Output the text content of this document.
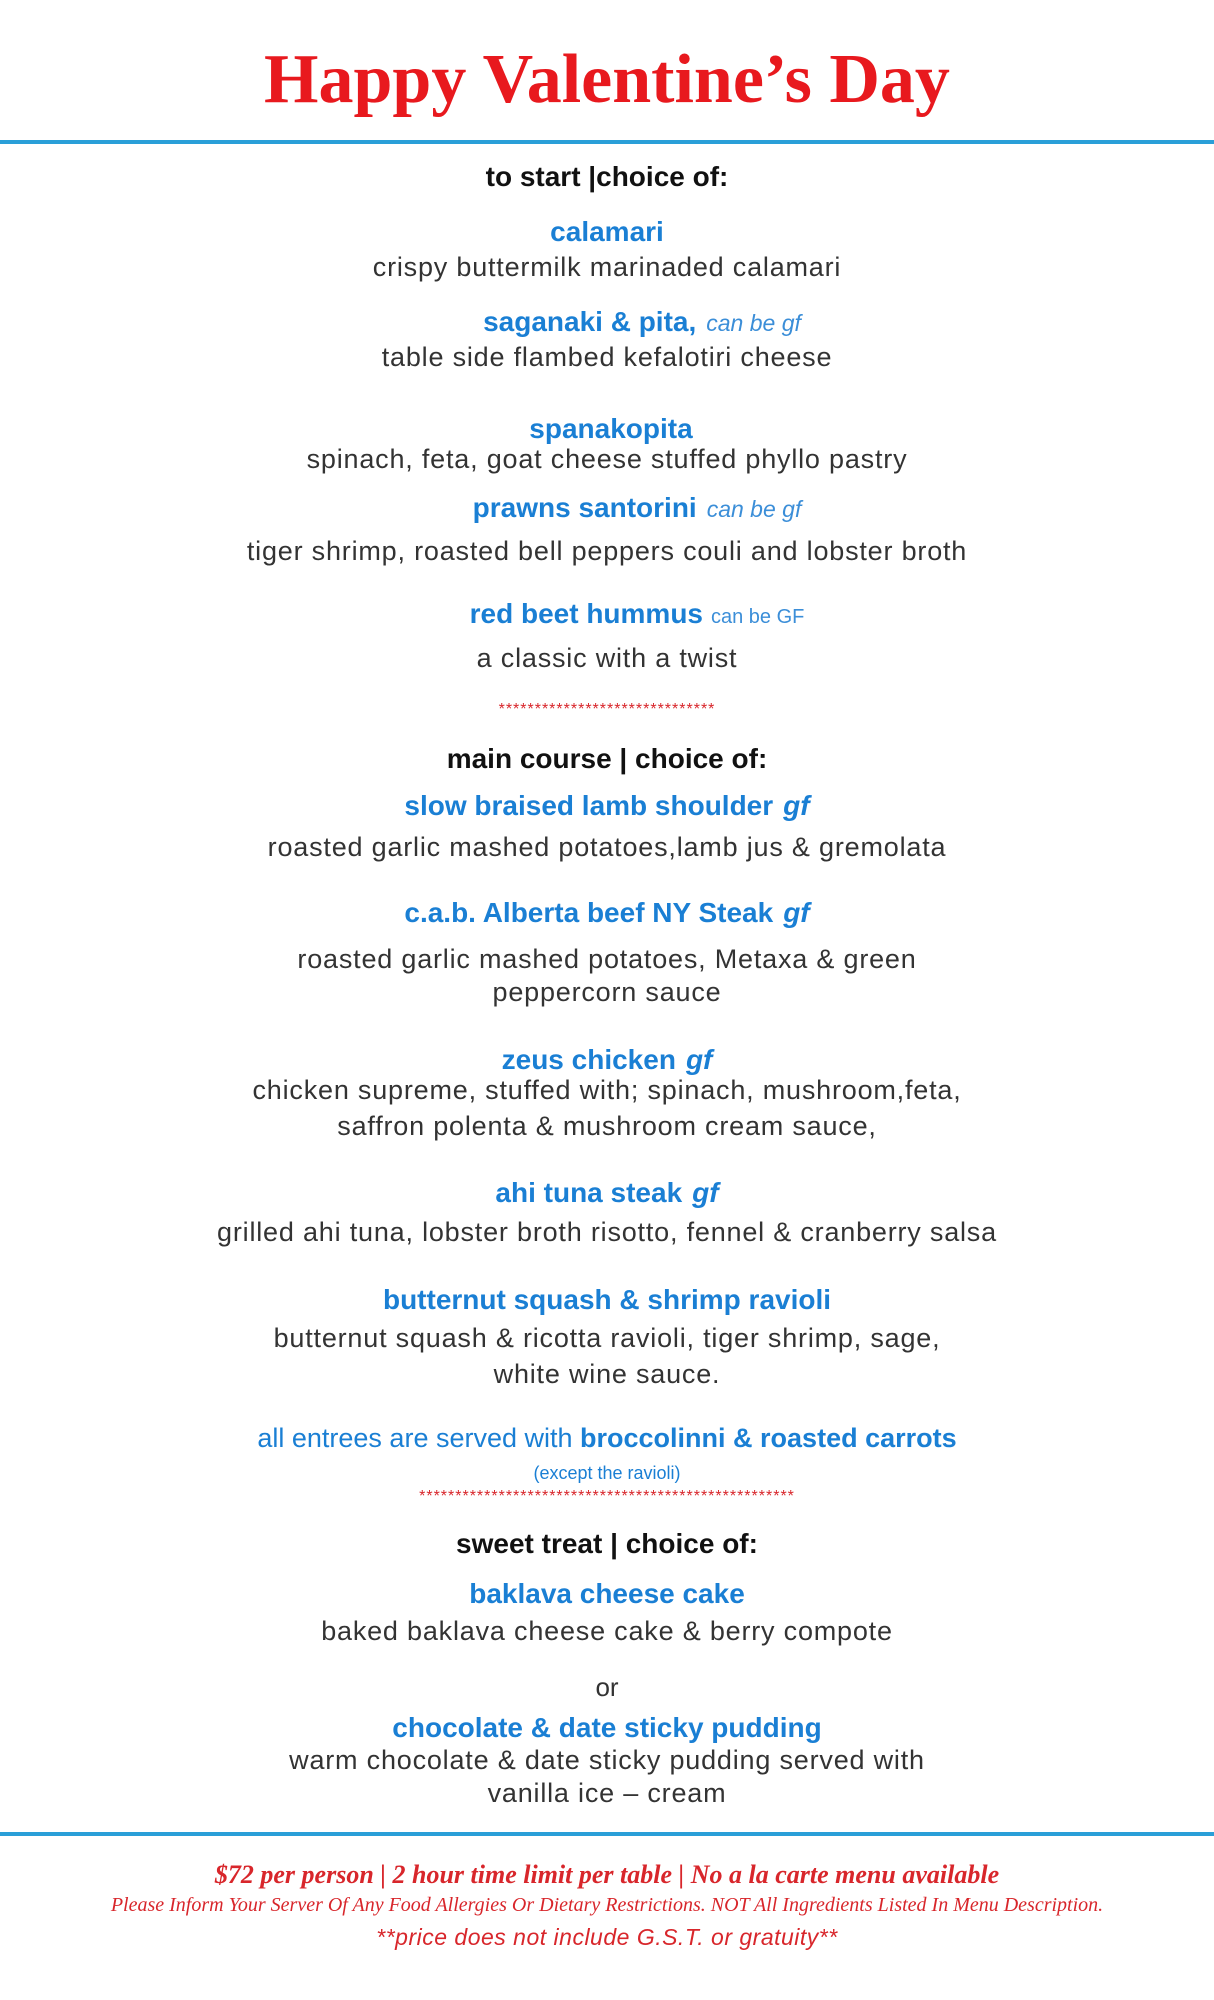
Happy Valentine’s Day
to start |choice of:
calamari
crispy buttermilk marinaded calamari
saganaki & pita, can be gf
table side flambed kefalotiri cheese
spanakopita
spinach, feta, goat cheese stuffed phyllo pastry
prawns santorini can be gf
tiger shrimp, roasted bell peppers couli and lobster broth
red beet hummus can be GF
a classic with a twist
******************************
main course | choice of:
slow braised lamb shoulder gf
roasted garlic mashed potatoes,lamb jus & gremolata
c.a.b. Alberta beef NY Steak gf
roasted garlic mashed potatoes, Metaxa & green
peppercorn sauce
zeus chicken gf
chicken supreme, stuffed with; spinach, mushroom,feta,
saffron polenta & mushroom cream sauce,
ahi tuna steak gf
grilled ahi tuna, lobster broth risotto, fennel & cranberry salsa
butternut squash & shrimp ravioli
butternut squash & ricotta ravioli, tiger shrimp, sage,
white wine sauce.
all entrees are served with broccolinni & roasted carrots
(except the ravioli)
****************************************************
sweet treat | choice of:
baklava cheese cake
baked baklava cheese cake & berry compote
or
chocolate & date sticky pudding
warm chocolate & date sticky pudding served with
vanilla ice – cream
$72 per person | 2 hour time limit per table | No a la carte menu available
Please Inform Your Server Of Any Food Allergies Or Dietary Restrictions. NOT All Ingredients Listed In Menu Description.
**price does not include G.S.T. or gratuity**
